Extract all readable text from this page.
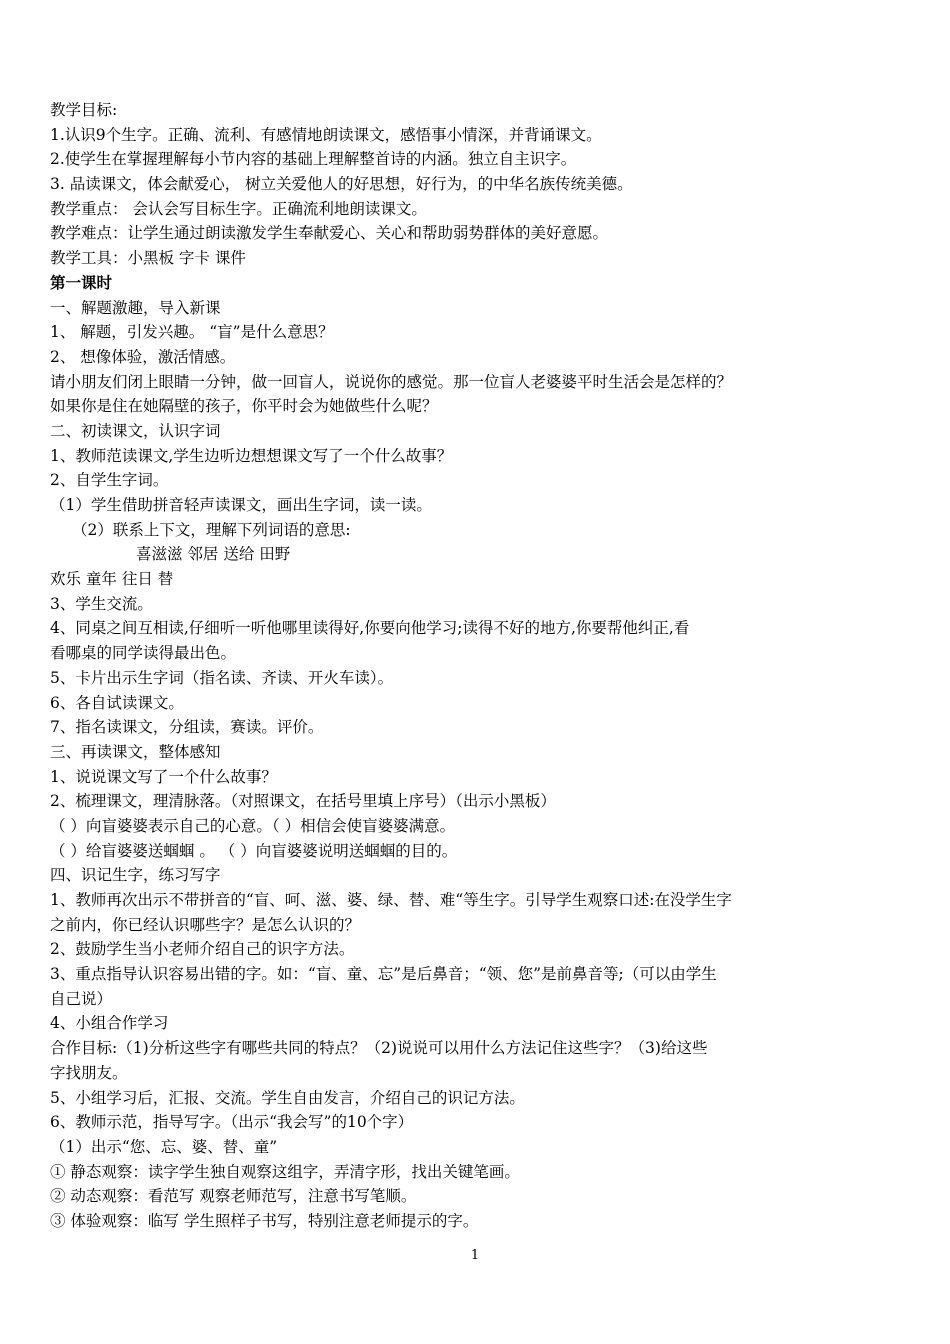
教学目标:
1.认识9个生字。正确、流利、有感情地朗读课文，感悟事小情深，并背诵课文。
2.使学生在掌握理解每小节内容的基础上理解整首诗的内涵。独立自主识字。
3. 品读课文，体会献爱心， 树立关爱他人的好思想，好行为，的中华名族传统美德。
教学重点： 会认会写目标生字。正确流利地朗读课文。
教学难点：让学生通过朗读激发学生奉献爱心、关心和帮助弱势群体的美好意愿。
教学工具：小黑板 字卡 课件
第一课时
一、解题激趣，导入新课
1、 解题，引发兴趣。 “盲”是什么意思？
2、 想像体验，激活情感。
请小朋友们闭上眼睛一分钟，做一回盲人，说说你的感觉。那一位盲人老婆婆平时生活会是怎样的？
如果你是住在她隔壁的孩子，你平时会为她做些什么呢？
二、初读课文，认识字词
1、教师范读课文,学生边听边想想课文写了一个什么故事？
2、自学生字词。
（1）学生借助拼音轻声读课文，画出生字词，读一读。
（2）联系上下文，理解下列词语的意思:
喜滋滋 邻居 送给 田野
欢乐 童年 往日 替
3、学生交流。
4、同桌之间互相读,仔细听一听他哪里读得好,你要向他学习;读得不好的地方,你要帮他纠正,看
看哪桌的同学读得最出色。
5、卡片出示生字词（指名读、齐读、开火车读）。
6、各自试读课文。
7、指名读课文，分组读，赛读。评价。
三、再读课文，整体感知
1、说说课文写了一个什么故事？
2、梳理课文，理清脉落。（对照课文，在括号里填上序号）（出示小黑板）
（ ）向盲婆婆表示自己的心意。（ ）相信会使盲婆婆满意。
（ ）给盲婆婆送蝈蝈 。 （ ）向盲婆婆说明送蝈蝈的目的。
四、识记生字，练习写字
1、教师再次出示不带拼音的“盲、呵、滋、婆、绿、替、难“等生字。引导学生观察口述:在没学生字
之前内，你已经认识哪些字？是怎么认识的？
2、鼓励学生当小老师介绍自己的识字方法。
3、重点指导认识容易出错的字。如：“盲、童、忘”是后鼻音；“领、您”是前鼻音等;（可以由学生
自己说）
4、小组合作学习
合作目标:（1)分析这些字有哪些共同的特点？（2)说说可以用什么方法记住这些字？（3)给这些
字找朋友。
5、小组学习后，汇报、交流。学生自由发言，介绍自己的识记方法。
6、教师示范，指导写字。（出示“我会写”的10个字）
（1）出示“您、忘、婆、替、童”
① 静态观察：读字学生独自观察这组字，弄清字形，找出关键笔画。
② 动态观察：看范写 观察老师范写，注意书写笔顺。
③ 体验观察：临写 学生照样子书写，特别注意老师提示的字。
1
